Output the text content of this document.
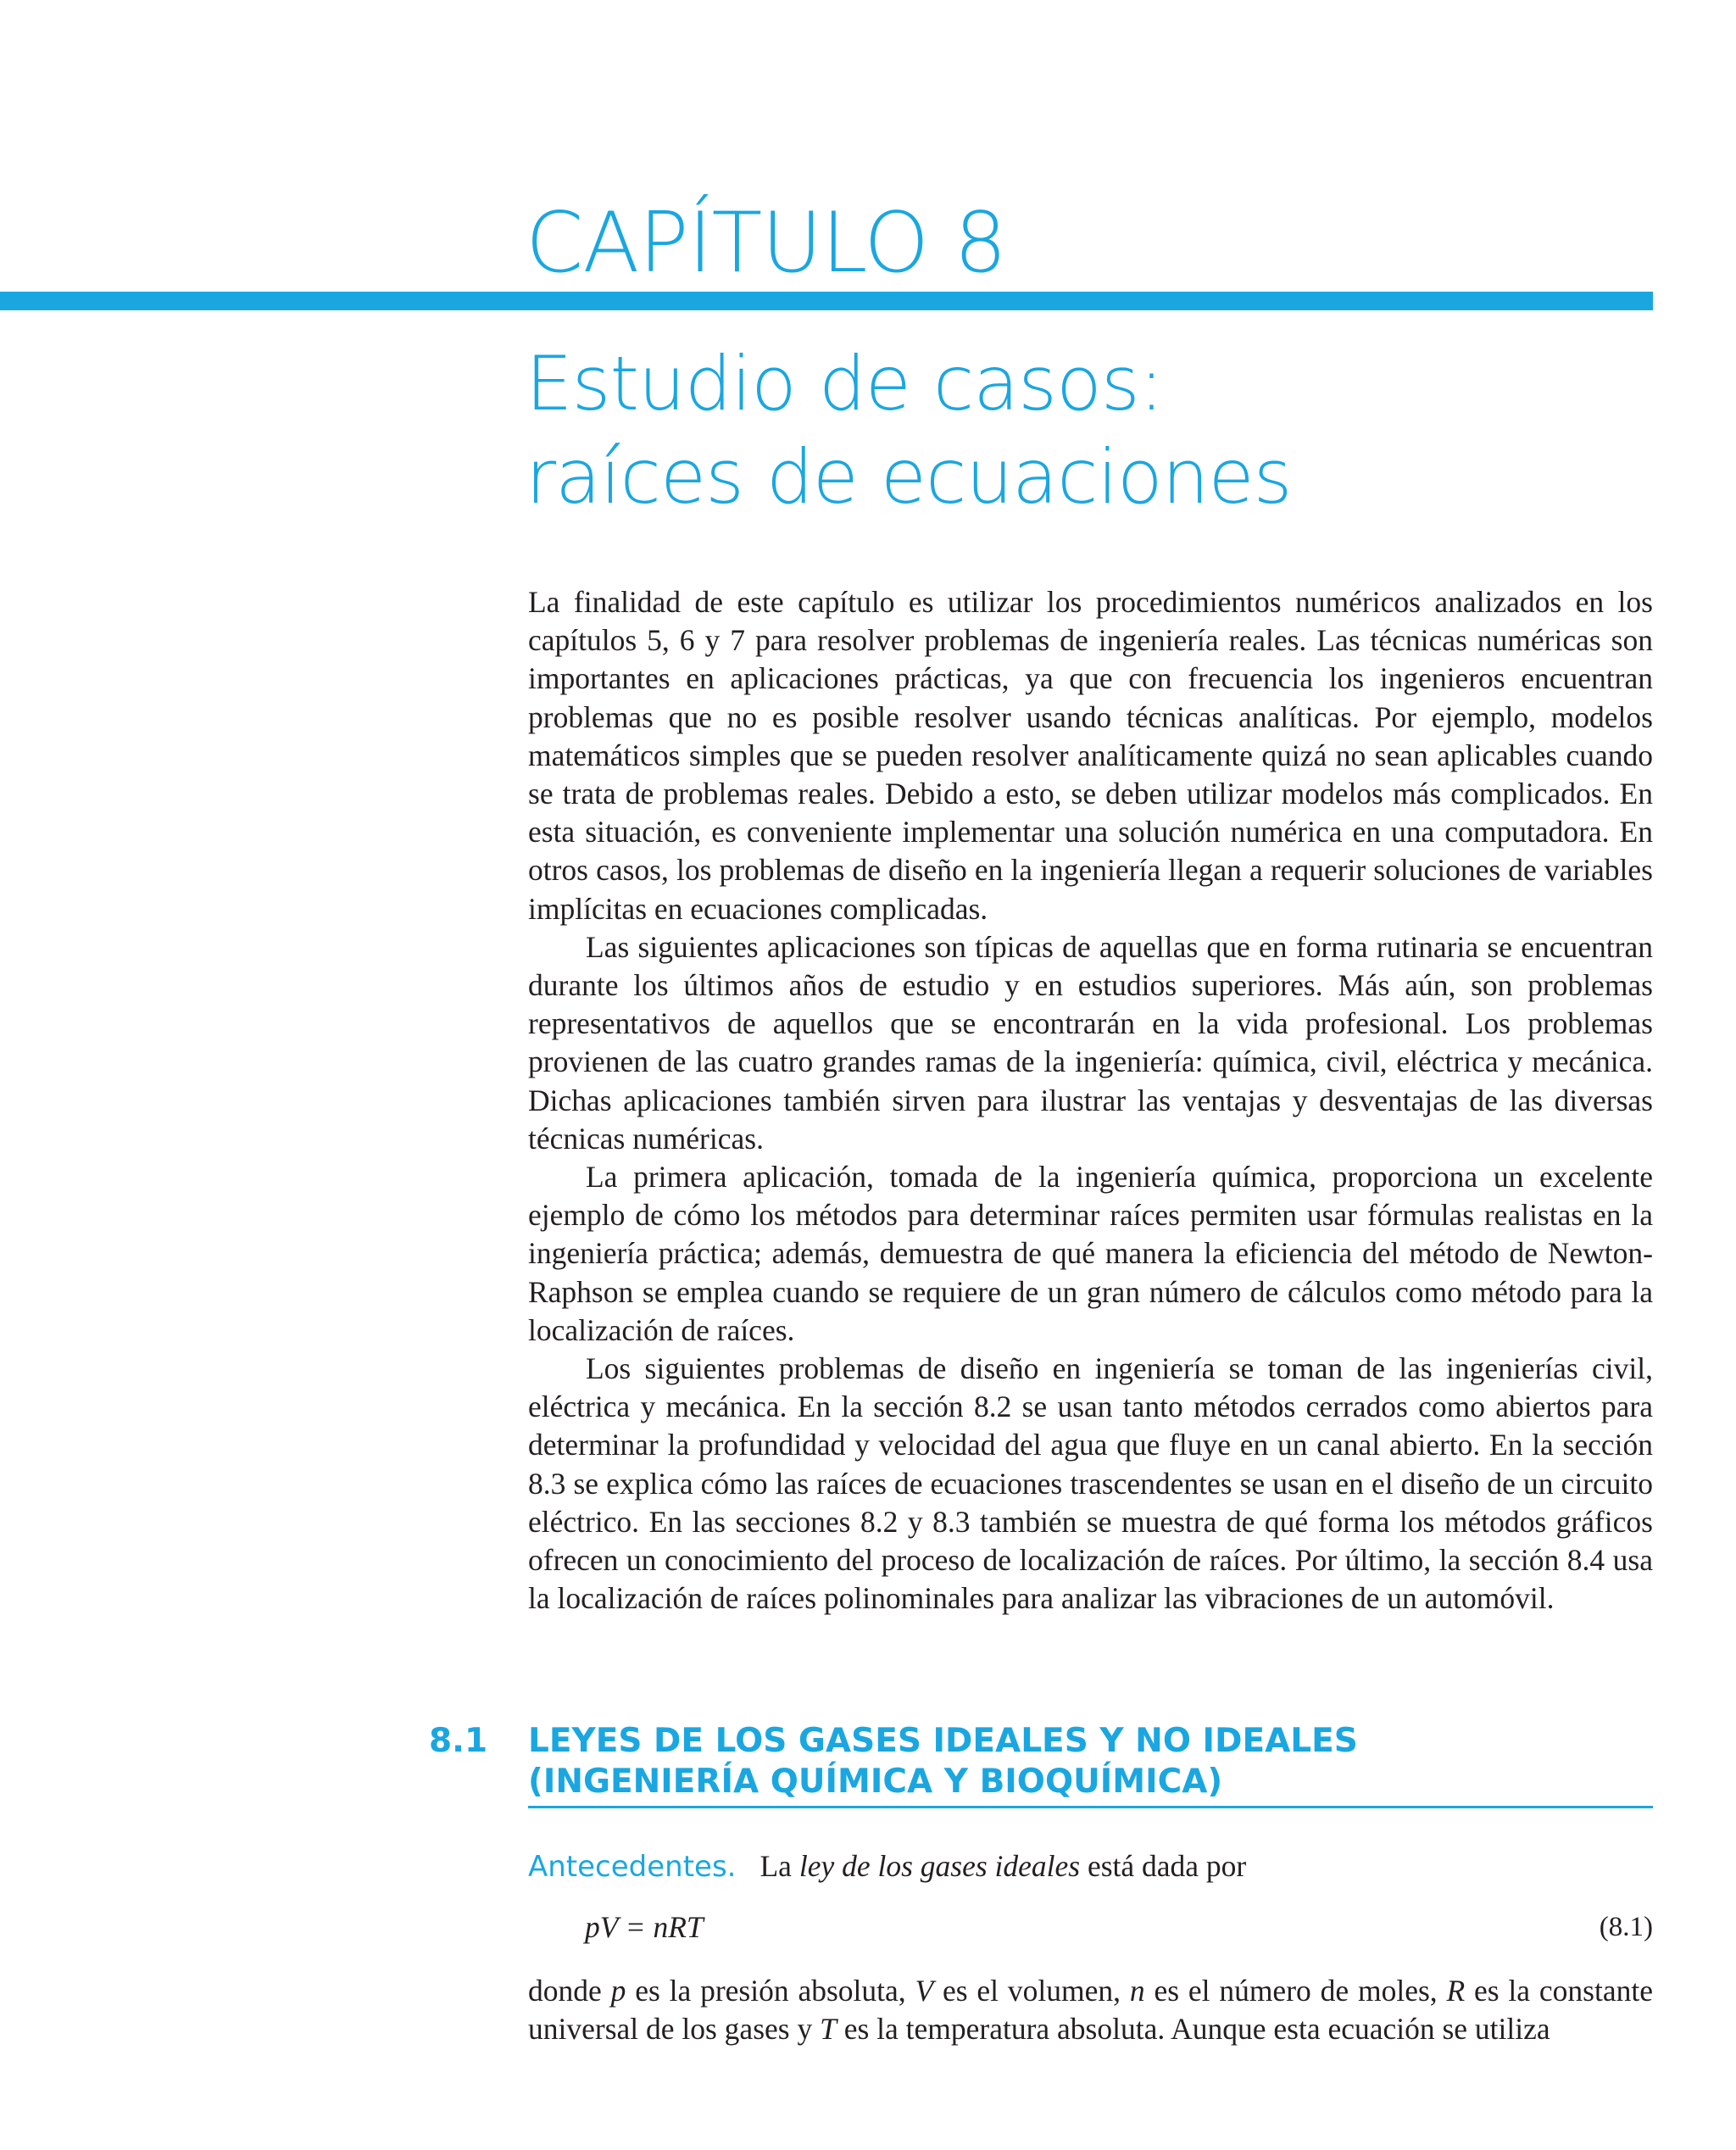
CAPÍTULO 8
Estudio de casos:
raíces de ecuaciones

La finalidad de este capítulo es utilizar los procedimientos numéricos analizados en los capítulos 5, 6 y 7 para resolver problemas de ingeniería reales. Las técnicas numéricas son importantes en aplicaciones prácticas, ya que con frecuencia los ingenieros encuentran problemas que no es posible resolver usando técnicas analíticas. Por ejemplo, modelos matemáticos simples que se pueden resolver analíticamente quizá no sean aplicables cuando se trata de problemas reales. Debido a esto, se deben utilizar modelos más complicados. En esta situación, es conveniente implementar una solución numérica en una computadora. En otros casos, los problemas de diseño en la ingeniería llegan a requerir soluciones de variables implícitas en ecuaciones complicadas.

Las siguientes aplicaciones son típicas de aquellas que en forma rutinaria se encuentran durante los últimos años de estudio y en estudios superiores. Más aún, son problemas representativos de aquellos que se encontrarán en la vida profesional. Los problemas provienen de las cuatro grandes ramas de la ingeniería: química, civil, eléctrica y mecánica. Dichas aplicaciones también sirven para ilustrar las ventajas y desventajas de las diversas técnicas numéricas.

La primera aplicación, tomada de la ingeniería química, proporciona un excelente ejemplo de cómo los métodos para determinar raíces permiten usar fórmulas realistas en la ingeniería práctica; además, demuestra de qué manera la eficiencia del método de Newton-Raphson se emplea cuando se requiere de un gran número de cálculos como método para la localización de raíces.

Los siguientes problemas de diseño en ingeniería se toman de las ingenierías civil, eléctrica y mecánica. En la sección 8.2 se usan tanto métodos cerrados como abiertos para determinar la profundidad y velocidad del agua que fluye en un canal abierto. En la sección 8.3 se explica cómo las raíces de ecuaciones trascendentes se usan en el diseño de un circuito eléctrico. En las secciones 8.2 y 8.3 también se muestra de qué forma los métodos gráficos ofrecen un conocimiento del proceso de localización de raíces. Por último, la sección 8.4 usa la localización de raíces polinominales para analizar las vibraciones de un automóvil.

8.1 LEYES DE LOS GASES IDEALES Y NO IDEALES
(INGENIERÍA QUÍMICA Y BIOQUÍMICA)
Antecedentes. La ley de los gases ideales está dada por
pV = nRT	(8.1)

donde p es la presión absoluta, V es el volumen, n es el número de moles, R es la constante universal de los gases y T es la temperatura absoluta. Aunque esta ecuación se utiliza
